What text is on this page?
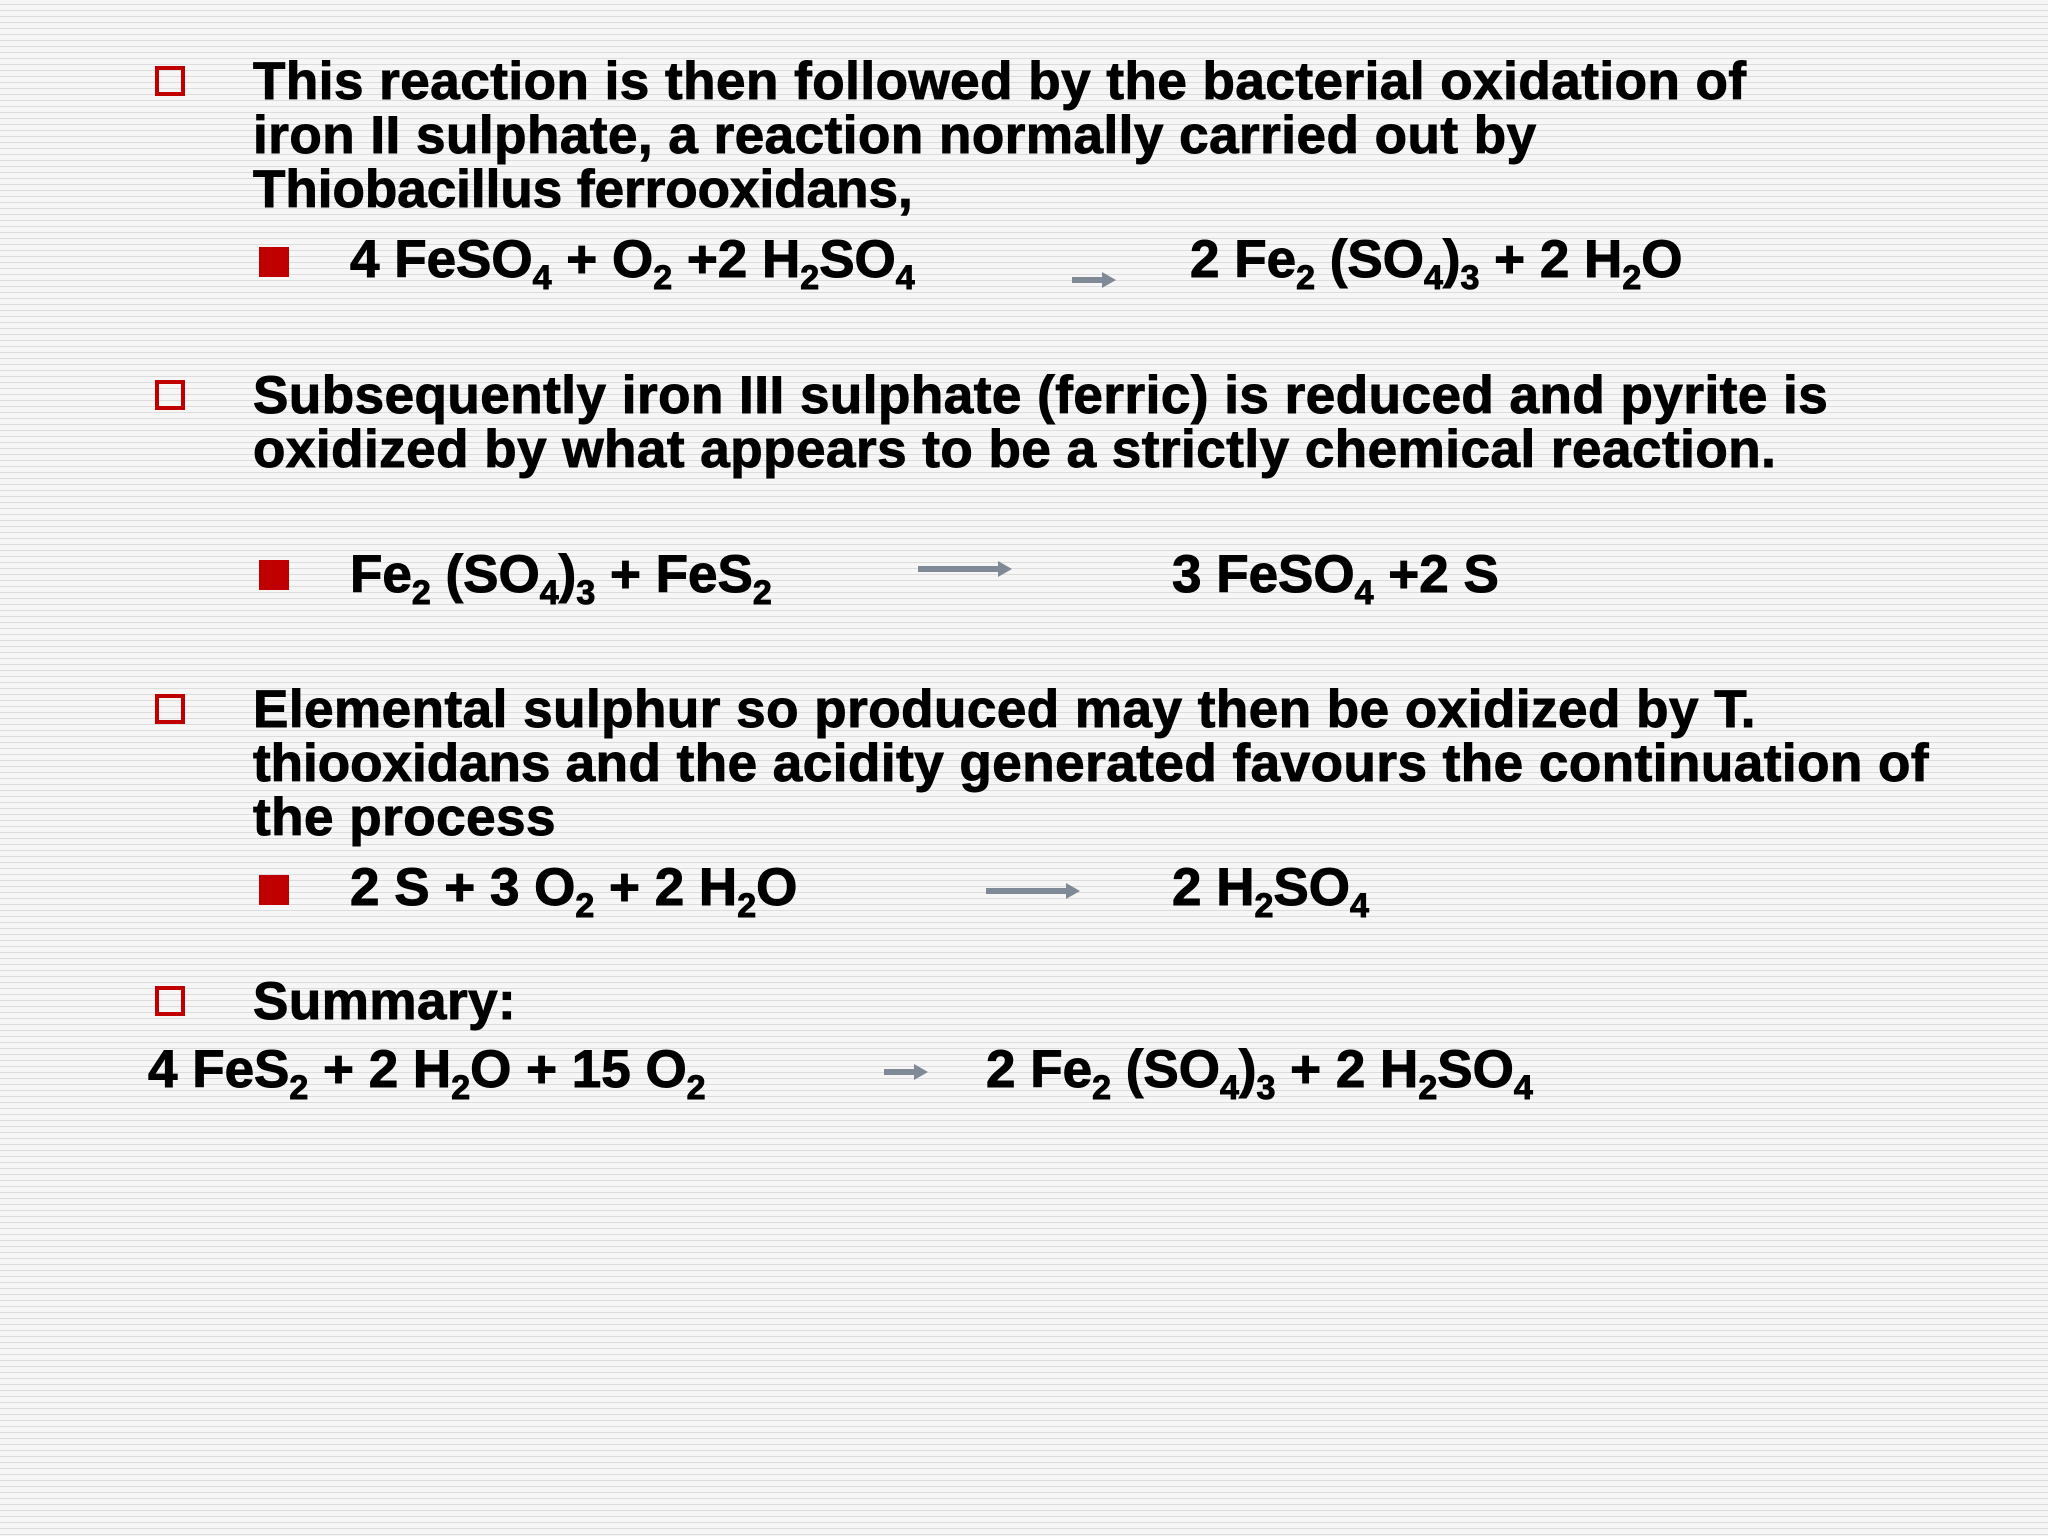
This reaction is then followed by the bacterial oxidation of iron II sulphate, a reaction normally carried out by Thiobacillus ferrooxidans,
4 FeSO$_4$ + $O_2 +2$ $H_2SO_4$	2 $Fe_2$ $(SO_4)_3 + 2$ $H_2O$
Subsequently iron III sulphate (ferric) is reduced and pyrite is oxidized by what appears to be a strictly chemical reaction.
$Fe_2$ $(SO_4)_3 + FeS_2$	3 FeSO$_4$ +2 S
Elemental sulphur so produced may then be oxidized by T. thiooxidans and the acidity generated favours the continuation of the process
2 S + 3 $O_2 + 2$ $H_2O$	2 $H_2SO_4$
Summary:
4 FeS$_2$ + 2 $H_2O + 15$ $O_2$	2 $Fe_2$ $(SO_4)_3 + 2$ $H_2SO_4$
